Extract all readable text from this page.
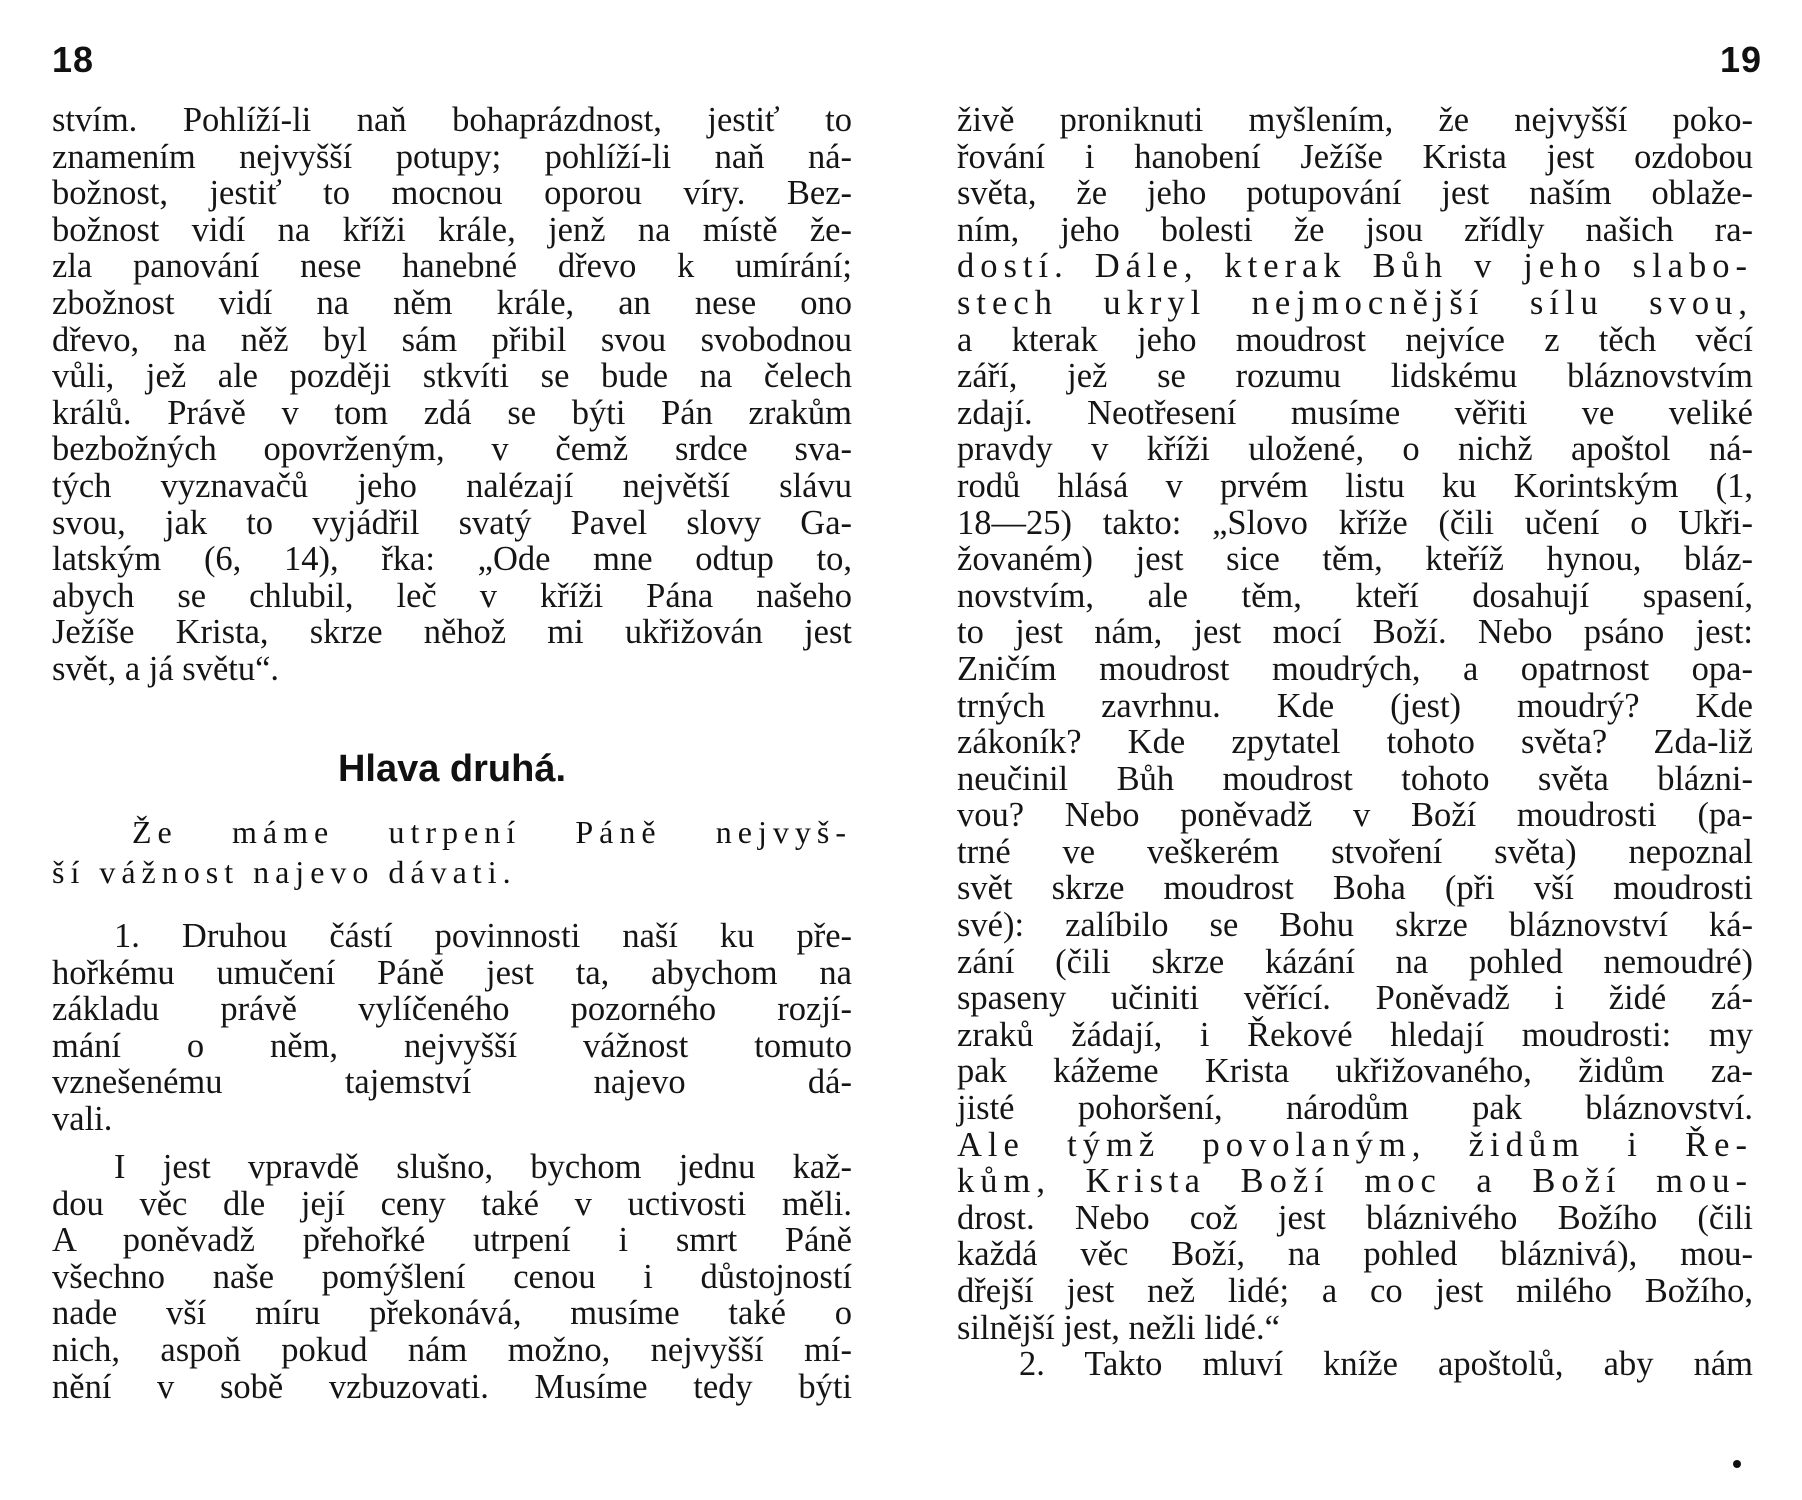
18	19
stvím. Pohlíží-li naň bohaprázdnost, jestiť to
znamením nejvyšší potupy; pohlíží-li naň ná-
božnost, jestiť to mocnou oporou víry. Bez-
božnost vidí na kříži krále, jenž na místě že-
zla panování nese hanebné dřevo k umírání;
zbožnost vidí na něm krále, an nese ono
dřevo, na něž byl sám přibil svou svobodnou
vůli, jež ale později stkvíti se bude na čelech
králů. Právě v tom zdá se býti Pán zrakům
bezbožných opovrženým, v čemž srdce sva-
tých vyznavačů jeho nalézají největší slávu
svou, jak to vyjádřil svatý Pavel slovy Ga-
latským (6, 14), řka: „Ode mne odtup to,
abych se chlubil, leč v kříži Pána našeho
Ježíše Krista, skrze něhož mi ukřižován jest
svět, a já světu“.
Hlava druhá.
Že máme utrpení Páně nejvyš-
ší vážnost najevo dávati.
1. Druhou částí povinnosti naší ku pře-
hořkému umučení Páně jest ta, abychom na
základu právě vylíčeného pozorného rozjí-
mání o něm, nejvyšší vážnost tomuto
vznešenému tajemství najevo dá-
vali.
I jest vpravdě slušno, bychom jednu kaž-
dou věc dle její ceny také v uctivosti měli.
A poněvadž přehořké utrpení i smrt Páně
všechno naše pomýšlení cenou i důstojností
nade vší míru překonává, musíme také o
nich, aspoň pokud nám možno, nejvyšší mí-
nění v sobě vzbuzovati. Musíme tedy býti
živě proniknuti myšlením, že nejvyšší poko-
řování i hanobení Ježíše Krista jest ozdobou
světa, že jeho potupování jest naším oblaže-
ním, jeho bolesti že jsou zřídly našich ra-
dostí. Dále, kterak Bůh v jeho slabo-
stech ukryl nejmocnější sílu svou,
a kterak jeho moudrost nejvíce z těch věcí
září, jež se rozumu lidskému bláznovstvím
zdají. Neotřesení musíme věřiti ve veliké
pravdy v kříži uložené, o nichž apoštol ná-
rodů hlásá v prvém listu ku Korintským (1,
18—25) takto: „Slovo kříže (čili učení o Ukři-
žovaném) jest sice těm, kteříž hynou, bláz-
novstvím, ale těm, kteří dosahují spasení,
to jest nám, jest mocí Boží. Nebo psáno jest:
Zničím moudrost moudrých, a opatrnost opa-
trných zavrhnu. Kde (jest) moudrý? Kde
zákoník? Kde zpytatel tohoto světa? Zda-liž
neučinil Bůh moudrost tohoto světa blázni-
vou? Nebo poněvadž v Boží moudrosti (pa-
trné ve veškerém stvoření světa) nepoznal
svět skrze moudrost Boha (při vší moudrosti
své): zalíbilo se Bohu skrze bláznovství ká-
zání (čili skrze kázání na pohled nemoudré)
spaseny učiniti věřící. Poněvadž i židé zá-
zraků žádají, i Řekové hledají moudrosti: my
pak kážeme Krista ukřižovaného, židům za-
jisté pohoršení, národům pak bláznovství.
Ale týmž povolaným, židům i Ře-
kům, Krista Boží moc a Boží mou-
drost. Nebo což jest bláznivého Božího (čili
každá věc Boží, na pohled bláznivá), mou-
dřejší jest než lidé; a co jest milého Božího,
silnější jest, nežli lidé.“
2. Takto mluví kníže apoštolů, aby nám
